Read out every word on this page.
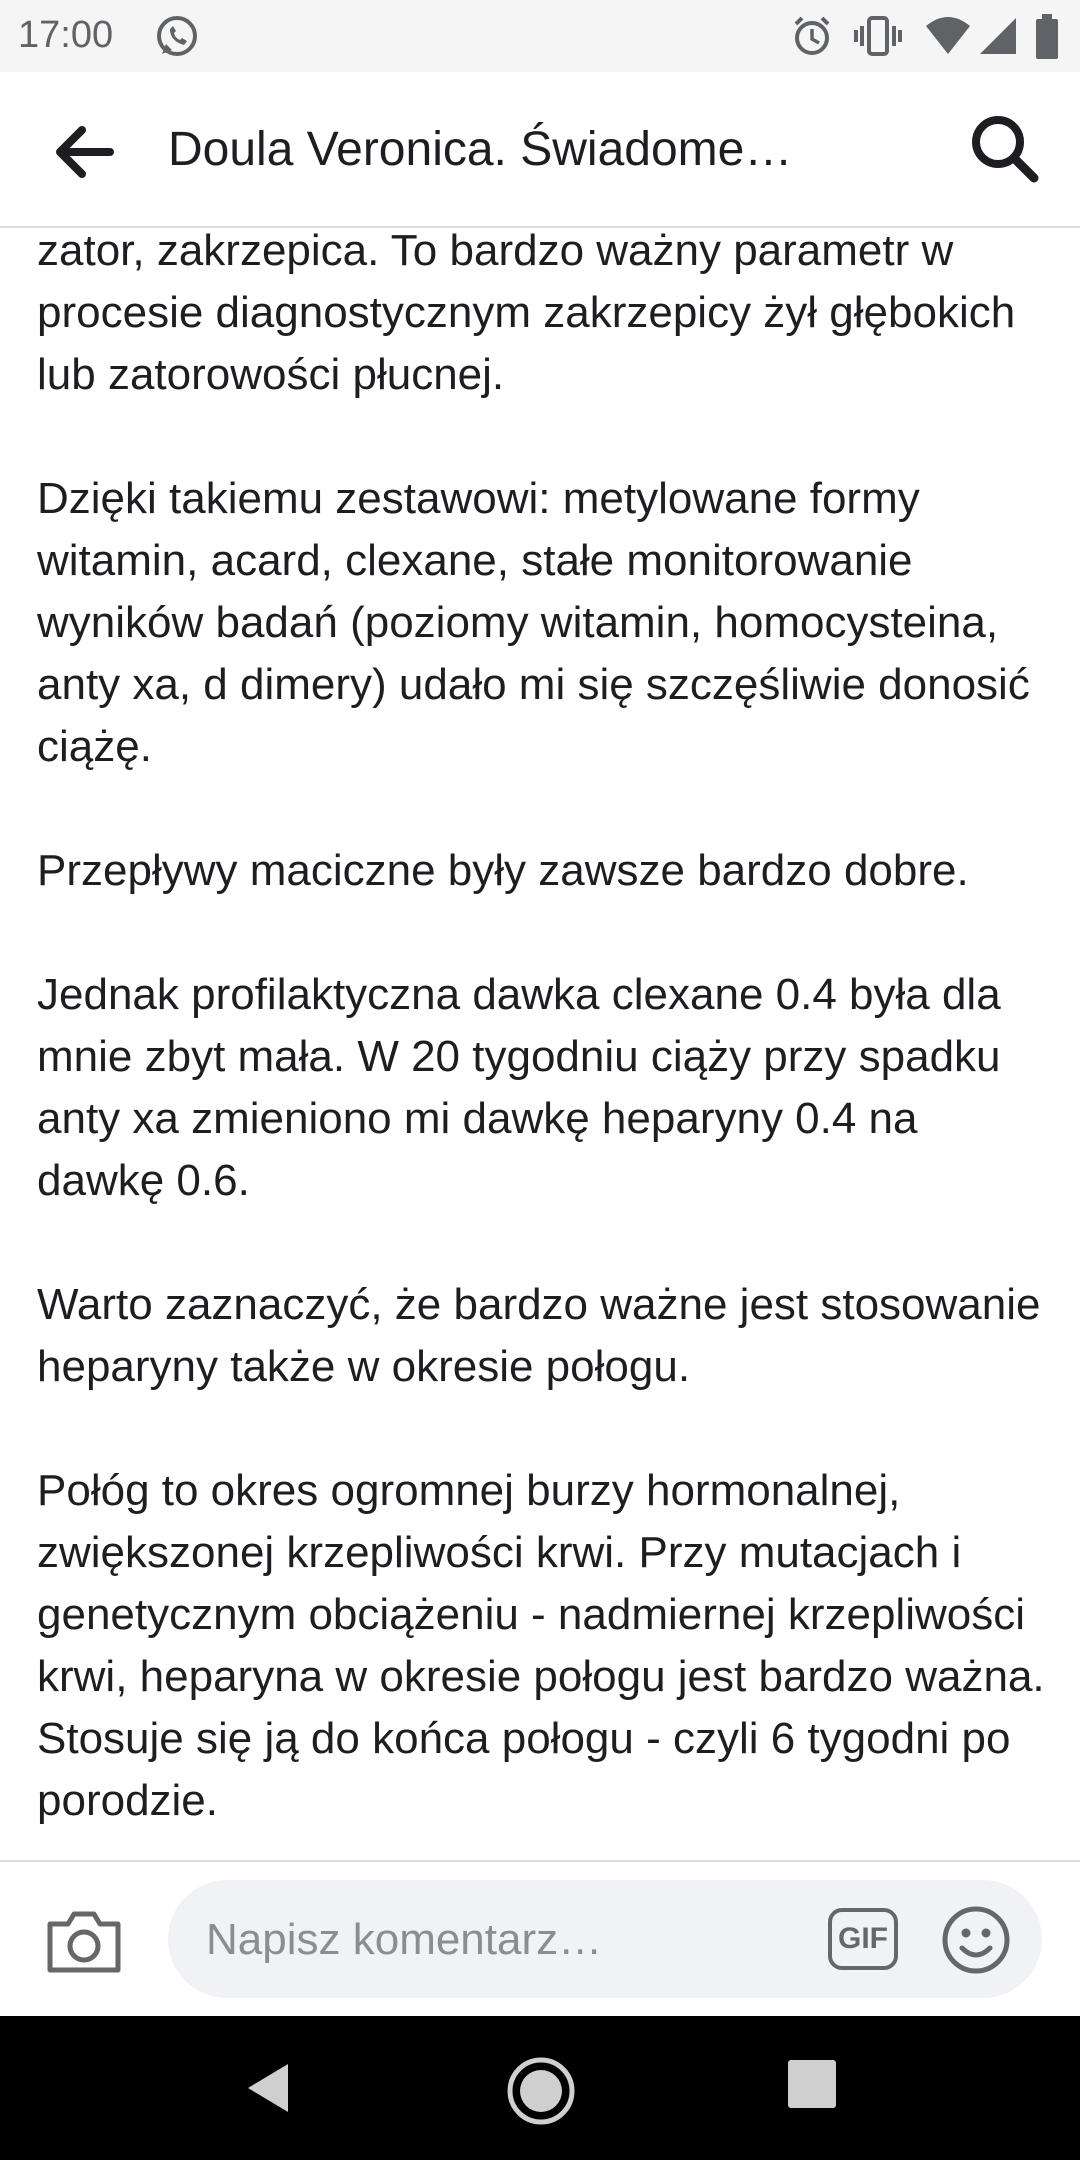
17:00
Doula Veronica. Świadome…

zator, zakrzepica. To bardzo ważny parametr w procesie diagnostycznym zakrzepicy żył głębokich lub zatorowości płucnej.

Dzięki takiemu zestawowi: metylowane formy witamin, acard, clexane, stałe monitorowanie wyników badań (poziomy witamin, homocysteina, anty xa, d dimery) udało mi się szczęśliwie donosić ciążę.

Przepływy maciczne były zawsze bardzo dobre.

Jednak profilaktyczna dawka clexane 0.4 była dla mnie zbyt mała. W 20 tygodniu ciąży przy spadku anty xa zmieniono mi dawkę heparyny 0.4 na dawkę 0.6.

Warto zaznaczyć, że bardzo ważne jest stosowanie heparyny także w okresie połogu.

Połóg to okres ogromnej burzy hormonalnej, zwiększonej krzepliwości krwi. Przy mutacjach i genetycznym obciążeniu - nadmiernej krzepliwości krwi, heparyna w okresie połogu jest bardzo ważna. Stosuje się ją do końca połogu - czyli 6 tygodni po porodzie.

Napisz komentarz…
GIF
